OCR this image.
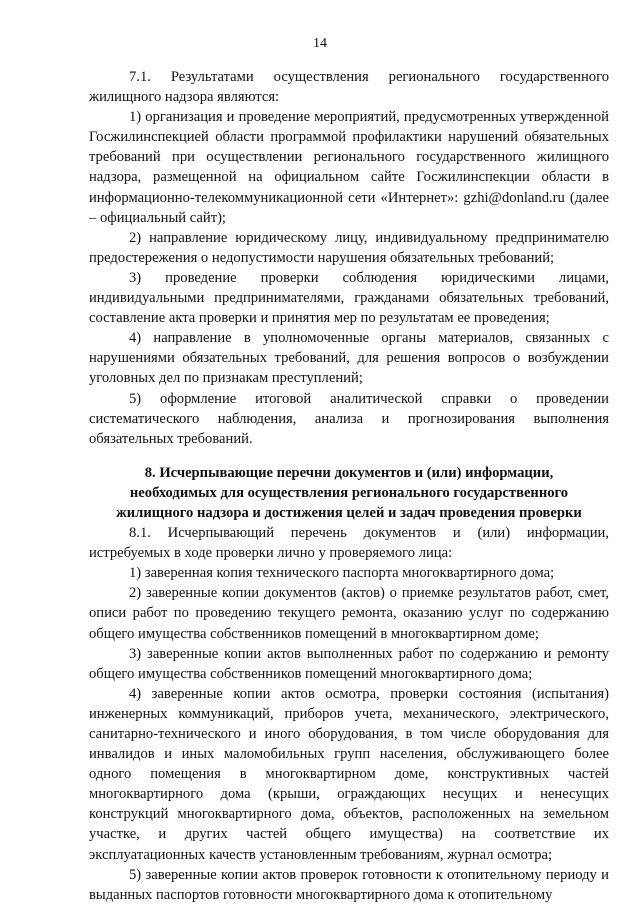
14

7.1. Результатами осуществления регионального государственного жилищного надзора являются:

1) организация и проведение мероприятий, предусмотренных утвержденной Госжилинспекцией области программой профилактики нарушений обязательных требований при осуществлении регионального государственного жилищного надзора, размещенной на официальном сайте Госжилинспекции области в информационно-телекоммуникационной сети «Интернет»: gzhi@donland.ru (далее – официальный сайт);

2) направление юридическому лицу, индивидуальному предпринимателю предостережения о недопустимости нарушения обязательных требований;

3) проведение проверки соблюдения юридическими лицами, индивидуальными предпринимателями, гражданами обязательных требований, составление акта проверки и принятия мер по результатам ее проведения;

4) направление в уполномоченные органы материалов, связанных с нарушениями обязательных требований, для решения вопросов о возбуждении уголовных дел по признакам преступлений;

5) оформление итоговой аналитической справки о проведении систематического наблюдения, анализа и прогнозирования выполнения обязательных требований.

8. Исчерпывающие перечни документов и (или) информации,
необходимых для осуществления регионального государственного
жилищного надзора и достижения целей и задач проведения проверки

8.1. Исчерпывающий перечень документов и (или) информации, истребуемых в ходе проверки лично у проверяемого лица:

1) заверенная копия технического паспорта многоквартирного дома;

2) заверенные копии документов (актов) о приемке результатов работ, смет, описи работ по проведению текущего ремонта, оказанию услуг по содержанию общего имущества собственников помещений в многоквартирном доме;

3) заверенные копии актов выполненных работ по содержанию и ремонту общего имущества собственников помещений многоквартирного дома;

4) заверенные копии актов осмотра, проверки состояния (испытания) инженерных коммуникаций, приборов учета, механического, электрического, санитарно-технического и иного оборудования, в том числе оборудования для инвалидов и иных маломобильных групп населения, обслуживающего более одного помещения в многоквартирном доме, конструктивных частей многоквартирного дома (крыши, ограждающих несущих и ненесущих конструкций многоквартирного дома, объектов, расположенных на земельном участке, и других частей общего имущества) на соответствие их эксплуатационных качеств установленным требованиям, журнал осмотра;

5) заверенные копии актов проверок готовности к отопительному периоду и выданных паспортов готовности многоквартирного дома к отопительному
